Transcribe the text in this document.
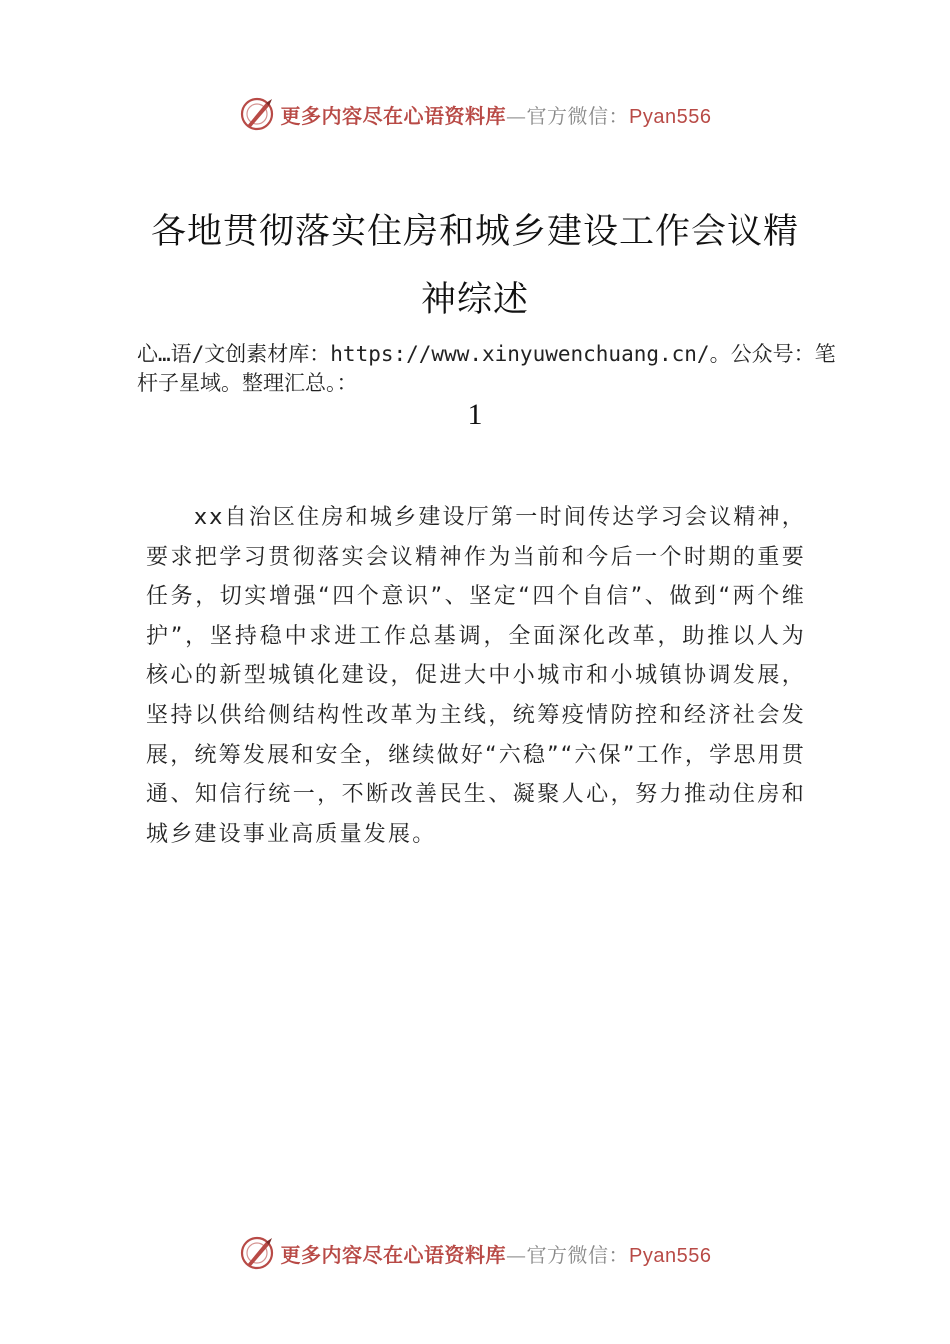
更多内容尽在心语资料库—官方微信：Pyan556
各地贯彻落实住房和城乡建设工作会议精
神综述
心…语/文创素材库：https://www.xinyuwenchuang.cn/。公众号：笔杆子星域。整理汇总。：
1
xx自治区住房和城乡建设厅第一时间传达学习会议精神，要求把学习贯彻落实会议精神作为当前和今后一个时期的重要任务，切实增强“四个意识”、坚定“四个自信”、做到“两个维护”，坚持稳中求进工作总基调，全面深化改革，助推以人为核心的新型城镇化建设，促进大中小城市和小城镇协调发展，坚持以供给侧结构性改革为主线，统筹疫情防控和经济社会发展，统筹发展和安全，继续做好“六稳”“六保”工作，学思用贯通、知信行统一，不断改善民生、凝聚人心，努力推动住房和城乡建设事业高质量发展。
更多内容尽在心语资料库—官方微信：Pyan556
